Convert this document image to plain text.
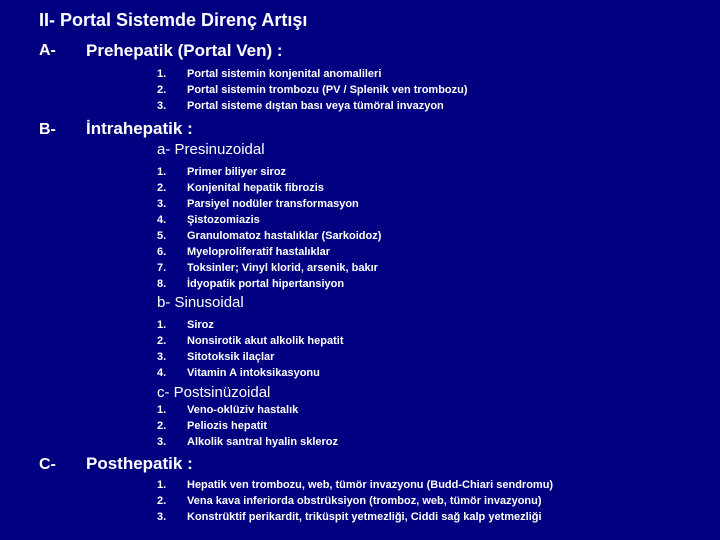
II- Portal Sistemde Direnç Artışı
A- Prehepatik (Portal Ven) :
1.	Portal sistemin konjenital anomalileri
2.	Portal sistemin trombozu (PV / Splenik ven trombozu)
3.	Portal sisteme dıştan bası veya tümöral invazyon
B- İntrahepatik :
a- Presinuzoidal
1.	Primer biliyer siroz
2.	Konjenital hepatik fibrozis
3.	Parsiyel nodüler transformasyon
4.	Şistozomiazis
5.	Granulomatoz hastalıklar (Sarkoidoz)
6.	Myeloproliferatif hastalıklar
7.	Toksinler; Vinyl klorid, arsenik, bakır
8.	İdyopatik portal hipertansiyon
b- Sinusoidal
1.	Siroz
2.	Nonsirotik akut alkolik hepatit
3.	Sitotoksik ilaçlar
4.	Vitamin A intoksikasyonu
c- Postsinüzoidal
1.	Veno-oklüziv hastalık
2.	Peliozis hepatit
3.	Alkolik santral hyalin skleroz
C- Posthepatik :
1.	Hepatik ven trombozu, web, tümör invazyonu (Budd-Chiari sendromu)
2.	Vena kava inferiorda obstrüksiyon (tromboz, web, tümör invazyonu)
3.	Konstrüktif perikardit, triküspit yetmezliği, Ciddi sağ kalp yetmezliği
